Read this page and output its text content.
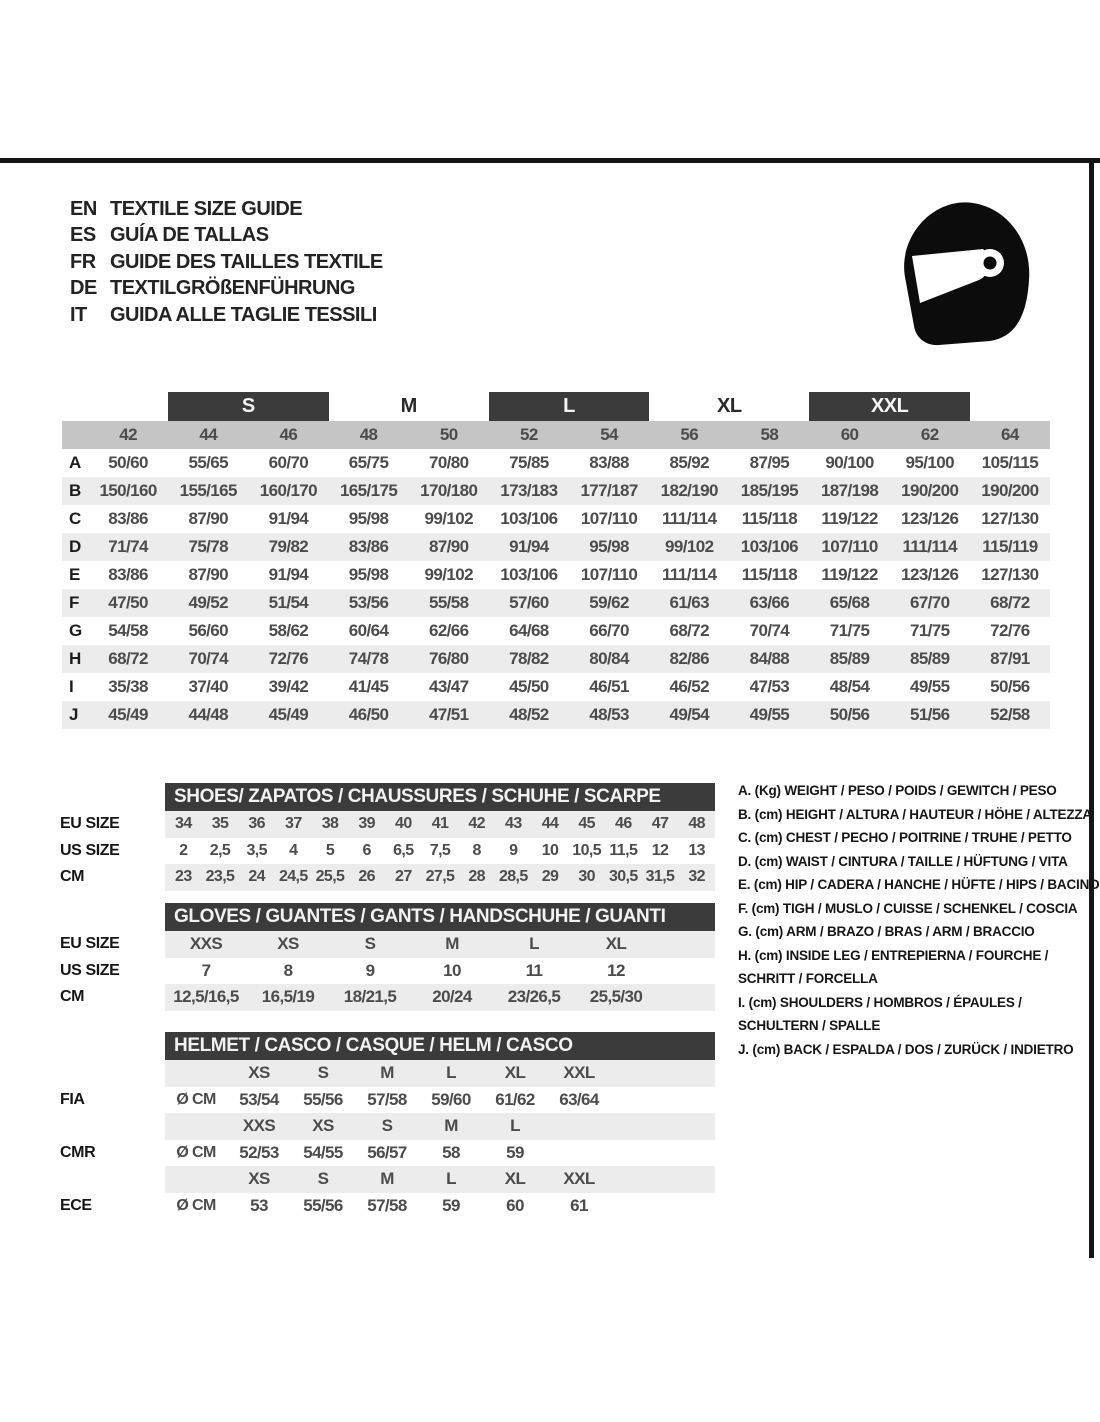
EN TEXTILE SIZE GUIDE
ES GUÍA DE TALLAS
FR GUIDE DES TAILLES TEXTILE
DE TEXTILGRÖßENFÜHRUNG
IT	GUIDA ALLE TAGLIE TESSILI
S	M	L	XL	XXL
42	44	46	48	50	52	54	56	58	60	62	64
A	50/60	55/65	60/70	65/75	70/80	75/85	83/88	85/92	87/95	90/100	95/100	105/115
B	150/160	155/165	160/170	165/175	170/180	173/183	177/187	182/190	185/195	187/198	190/200	190/200
C	83/86	87/90	91/94	95/98	99/102	103/106	107/110	111/114	115/118	119/122	123/126	127/130
D	71/74	75/78	79/82	83/86	87/90	91/94	95/98	99/102	103/106	107/110	111/114	115/119
E	83/86	87/90	91/94	95/98	99/102	103/106	107/110	111/114	115/118	119/122	123/126	127/130
F	47/50	49/52	51/54	53/56	55/58	57/60	59/62	61/63	63/66	65/68	67/70	68/72
G	54/58	56/60	58/62	60/64	62/66	64/68	66/70	68/72	70/74	71/75	71/75	72/76
H	68/72	70/74	72/76	74/78	76/80	78/82	80/84	82/86	84/88	85/89	85/89	87/91
I	35/38	37/40	39/42	41/45	43/47	45/50	46/51	46/52	47/53	48/54	49/55	50/56
J	45/49	44/48	45/49	46/50	47/51	48/52	48/53	49/54	49/55	50/56	51/56	52/58
SHOES/ ZAPATOS / CHAUSSURES / SCHUHE / SCARPE
EU SIZE	34	35	36	37	38	39	40	41	42	43	44	45	46	47	48
US SIZE	2	2,5	3,5	4	5	6	6,5	7,5	8	9	10 10,5 11,5 12	13
CM	23 23,5 24 24,5 25,5 26	27 27,5 28 28,5 29	30 30,5 31,5 32
GLOVES / GUANTES / GANTS / HANDSCHUHE / GUANTI
EU SIZE	XXS	XS	S	M	L	XL
US SIZE	7	8	9	10	11	12
CM	12,5/16,5	16,5/19	18/21,5	20/24	23/26,5	25,5/30
HELMET / CASCO / CASQUE / HELM / CASCO
XS	S	M	L	XL	XXL
FIA	Ø CM	53/54	55/56	57/58	59/60	61/62	63/64
XXS	XS	S	M	L
CMR	Ø CM	52/53	54/55	56/57	58	59
XS	S	M	L	XL	XXL
ECE	Ø CM	53	55/56	57/58	59	60	61

A. (Kg) WEIGHT / PESO / POIDS / GEWITCH / PESO

B. (cm) HEIGHT / ALTURA / HAUTEUR / HÖHE / ALTEZZA

C. (cm) CHEST / PECHO / POITRINE / TRUHE / PETTO

D. (cm) WAIST / CINTURA / TAILLE / HÜFTUNG / VITA

E. (cm) HIP / CADERA / HANCHE / HÜFTE / HIPS / BACINO

F. (cm) TIGH / MUSLO / CUISSE / SCHENKEL / COSCIA

G. (cm) ARM / BRAZO / BRAS / ARM / BRACCIO

H. (cm) INSIDE LEG / ENTREPIERNA / FOURCHE /
SCHRITT / FORCELLA

I. (cm) SHOULDERS / HOMBROS / ÉPAULES /
SCHULTERN / SPALLE

J. (cm) BACK / ESPALDA / DOS / ZURÜCK / INDIETRO
